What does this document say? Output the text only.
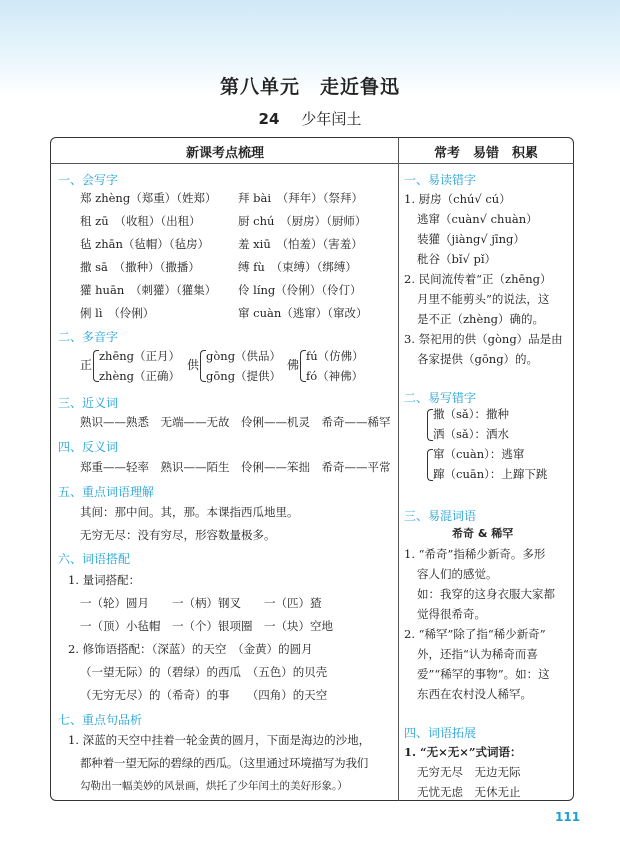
第八单元 走近鲁迅
24 少年闰土
新课考点梳理	常考　易错　积累
一、会写字
郑 zhèng（郑重）（姓郑） 拜 bài　（拜年）（祭拜）
租 zū　（收租）（出租）	厨 chú　（厨房）（厨师）
毡 zhān（毡帽）（毡房）	羞 xiū　（怕羞）（害羞）
撒 sā　（撒种）（撒播）	缚 fù　（束缚）（绑缚）
獾 huān　（刺獾）（獾集） 伶 líng（伶俐）（伶仃）
俐 lì　（伶俐）	窜 cuàn（逃窜）（窜改）
二、多音字
正
zhēng（正月）
zhèng（正确）
供
gòng（供品）
gōng（提供）
佛
fú（仿佛）
fó（神佛）
三、近义词
熟识——熟悉　无端——无故　伶俐——机灵　希奇——稀罕
四、反义词
郑重——轻率　熟识——陌生　伶俐——笨拙　希奇——平常
五、重点词语理解
其间：那中间。其，那。本课指西瓜地里。
无穷无尽：没有穷尽，形容数量极多。
六、词语搭配
1. 量词搭配：
一（轮）圆月　　一（柄）钢叉　　一（匹）猹
一（顶）小毡帽　一（个）银项圈　一（块）空地
2. 修饰语搭配：（深蓝）的天空　（金黄）的圆月
（一望无际）的（碧绿）的西瓜　（五色）的贝壳
（无穷无尽）的（希奇）的事　　（四角）的天空
七、重点句品析
1. 深蓝的天空中挂着一轮金黄的圆月，下面是海边的沙地，
都种着一望无际的碧绿的西瓜。（这里通过环境描写为我们
勾勒出一幅美妙的风景画，烘托了少年闰土的美好形象。）
一、易读错字
1. 厨房（chú√ cú）
逃窜（cuàn√ chuàn）
装獾（jiàng√ jīng）
秕谷（bǐ√ pǐ）
2. 民间流传着“正（zhēng）
月里不能剪头”的说法，这
是不正（zhèng）确的。
3. 祭祀用的供（gòng）品是由
各家提供（gōng）的。
二、易写错字
撒（sǎ）：撒种
洒（sǎ）：洒水
窜（cuàn）：逃窜
蹿（cuān）：上蹿下跳
三、易混词语
希奇 & 稀罕
1. “希奇”指稀少新奇。多形
容人们的感觉。
如：我穿的这身衣服大家都
觉得很希奇。
2. “稀罕”除了指“稀少新奇”
外，还指“认为稀奇而喜
爱”“稀罕的事物”。如：这
东西在农村没人稀罕。
四、词语拓展
1. “无×无×”式词语：
无穷无尽　无边无际
无忧无虑　无休无止
111
